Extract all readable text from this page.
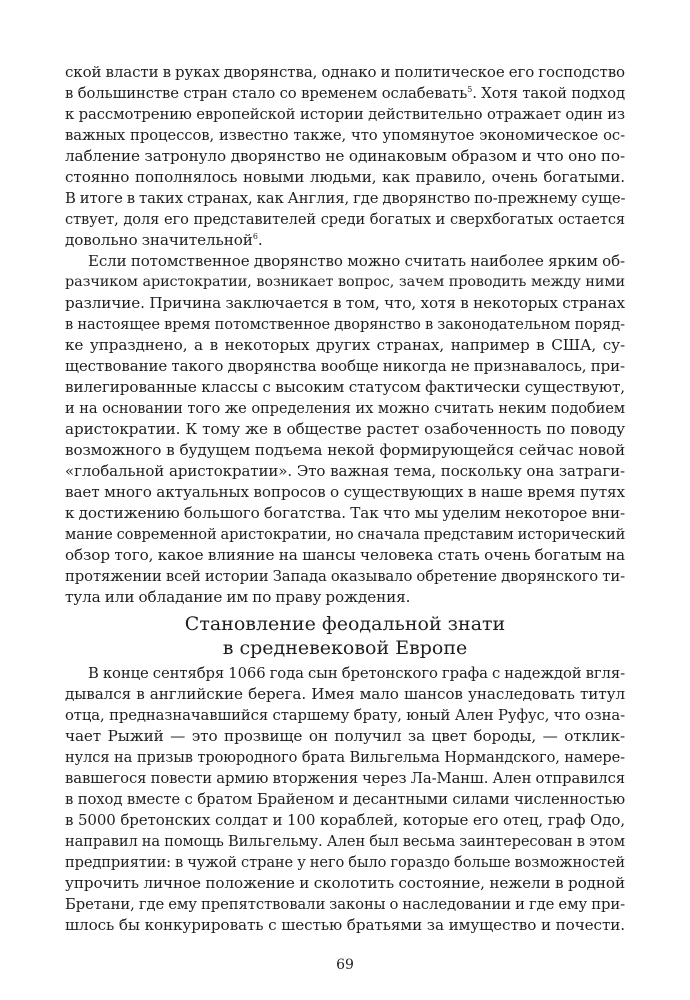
ской власти в руках дворянства, однако и политическое его господство
в большинстве стран стало со временем ослабевать$^5$. Хотя такой подход
к рассмотрению европейской истории действительно отражает один из
важных процессов, известно также, что упомянутое экономическое ос-
лабление затронуло дворянство не одинаковым образом и что оно по-
стоянно пополнялось новыми людьми, как правило, очень богатыми.
В итоге в таких странах, как Англия, где дворянство по-прежнему суще-
ствует, доля его представителей среди богатых и сверхбогатых остается
довольно значительной$^6$.
Если потомственное дворянство можно считать наиболее ярким об-
разчиком аристократии, возникает вопрос, зачем проводить между ними
различие. Причина заключается в том, что, хотя в некоторых странах
в настоящее время потомственное дворянство в законодательном поряд-
ке упразднено, а в некоторых других странах, например в США, су-
ществование такого дворянства вообще никогда не признавалось, при-
вилегированные классы с высоким статусом фактически существуют,
и на основании того же определения их можно считать неким подобием
аристократии. К тому же в обществе растет озабоченность по поводу
возможного в будущем подъема некой формирующейся сейчас новой
«глобальной аристократии». Это важная тема, поскольку она затраги-
вает много актуальных вопросов о существующих в наше время путях
к достижению большого богатства. Так что мы уделим некоторое вни-
мание современной аристократии, но сначала представим исторический
обзор того, какое влияние на шансы человека стать очень богатым на
протяжении всей истории Запада оказывало обретение дворянского ти-
тула или обладание им по праву рождения.
Становление феодальной знати
в средневековой Европе
В конце сентября 1066 года сын бретонского графа с надеждой вгля-
дывался в английские берега. Имея мало шансов унаследовать титул
отца, предназначавшийся старшему брату, юный Ален Руфус, что озна-
чает Рыжий — это прозвище он получил за цвет бороды, — отклик-
нулся на призыв троюродного брата Вильгельма Нормандского, намере-
вавшегося повести армию вторжения через Ла-Манш. Ален отправился
в поход вместе с братом Брайеном и десантными силами численностью
в 5000 бретонских солдат и 100 кораблей, которые его отец, граф Одо,
направил на помощь Вильгельму. Ален был весьма заинтересован в этом
предприятии: в чужой стране у него было гораздо больше возможностей
упрочить личное положение и сколотить состояние, нежели в родной
Бретани, где ему препятствовали законы о наследовании и где ему при-
шлось бы конкурировать с шестью братьями за имущество и почести.
69
